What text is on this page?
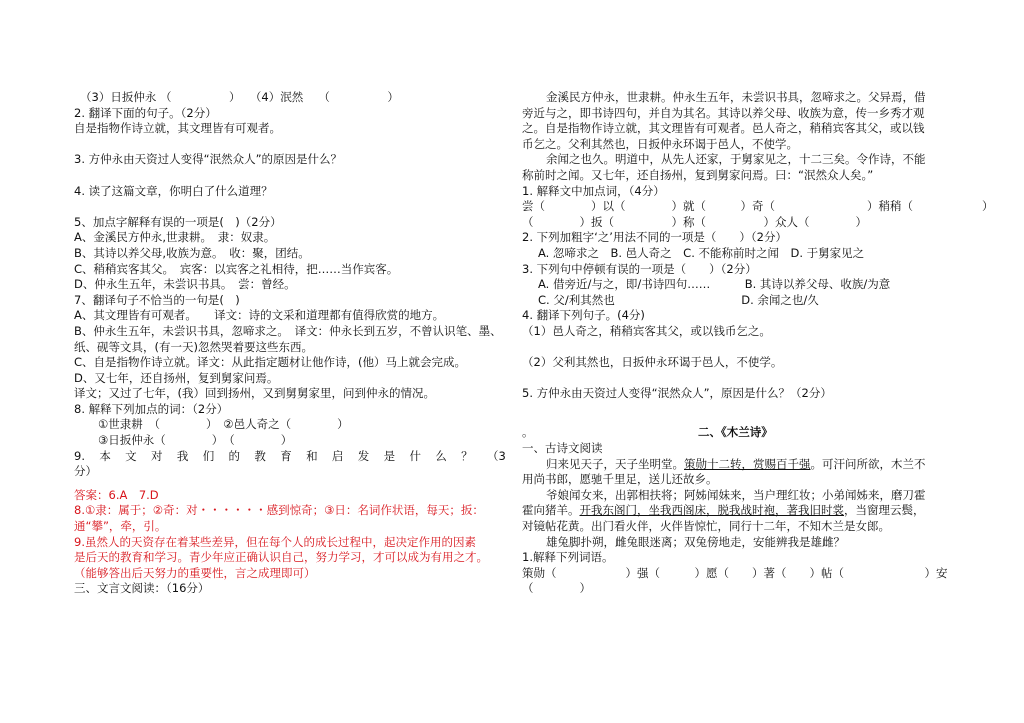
（3）日扳仲永 （　　　　　）　 （4）泯然　 （　　　　　）
2. 翻译下面的句子。（2分）
自是指物作诗立就，其文理皆有可观者。
3. 方仲永由天资过人变得“泯然众人”的原因是什么？
4. 读了这篇文章，你明白了什么道理？
5、加点字解释有误的一项是(　)（2分）
A、金溪民方仲永,世隶耕。　隶：奴隶。
B、其诗以养父母,收族为意。　收：聚，团结。
C、稍稍宾客其父。　宾客：以宾客之礼相待，把……当作宾客。
D、仲永生五年，未尝识书具。　尝：曾经。
7、翻译句子不恰当的一句是(　)
A、其文理皆有可观者。　　译文：诗的文采和道理都有值得欣赏的地方。
B、仲永生五年，未尝识书具，忽啼求之。　译文：仲永长到五岁，不曾认识笔、墨、
纸、砚等文具，(有一天)忽然哭着要这些东西。
C、自是指物作诗立就。译文：从此指定题材让他作诗，(他）马上就会完成。
D、又七年，还自扬州，复到舅家问焉。
译文；又过了七年，(我）回到扬州，又到舅舅家里，问到仲永的情况。
8. 解释下列加点的词：（2分）
①世隶耕　（　　　　）　②邑人奇之（　　　　）
③日扳仲永（　　　　）　（　　　　）
9. 本 文 对 我 们 的 教 育 和 启 发 是 什 么 ？ （3
分）
答案：6.A　7.D
8.①隶：属于；②奇：对・・・・・・感到惊奇；③日：名词作状语，每天；扳：
通“攀”，牵，引。
9.虽然人的天资存在着某些差异，但在每个人的成长过程中，起决定作用的因素
是后天的教育和学习。青少年应正确认识自己，努力学习，才可以成为有用之才。
（能够答出后天努力的重要性，言之成理即可）
三、文言文阅读：（16分）
金溪民方仲永，世隶耕。仲永生五年，未尝识书具，忽啼求之。父异焉，借
旁近与之，即书诗四句，并自为其名。其诗以养父母、收族为意，传一乡秀才观
之。自是指物作诗立就，其文理皆有可观者。邑人奇之，稍稍宾客其父，或以钱
币乞之。父利其然也，日扳仲永环谒于邑人，不使学。
余闻之也久。明道中，从先人还家，于舅家见之，十二三矣。令作诗，不能
称前时之闻。又七年，还自扬州，复到舅家问焉。曰：“泯然众人矣。”
1. 解释文中加点词，（4分）
尝（　　　　）以（　　　　）就（　　　）奇（　　　　　　　　）稍稍（　　　　　　）
（　　　　）扳（　　　　　）称（　　　　　）众人（　　　　）
2. 下列加粗字‘之’用法不同的一项是（　　）（2分）
A. 忽啼求之　B. 邑人奇之　C. 不能称前时之闻　D. 于舅家见之
3. 下列句中停顿有误的一项是（　　）（2分）
A. 借旁近/与之，即/书诗四句……　　　B. 其诗以养父母、收族/为意
C. 父/利其然也　　　　　　　　　　　D. 余闻之也/久
4. 翻译下列句子。(4分)
（1）邑人奇之，稍稍宾客其父，或以钱币乞之。
（2）父利其然也，日扳仲永环谒于邑人，不使学。
5. 方仲永由天资过人变得“泯然众人”，原因是什么？（2分）
。	二、《木兰诗》
一、古诗文阅读
归来见天子，天子坐明堂。策勋十二转，赏赐百千强。可汗问所欲，木兰不
用尚书郎，愿驰千里足，送儿还故乡。
爷娘闻女来，出郭相扶将；阿姊闻妹来，当户理红妆；小弟闻姊来，磨刀霍
霍向猪羊。开我东阁门，坐我西阁床，脱我战时袍，著我旧时裳，当窗理云鬓，
对镜帖花黄。出门看火伴，火伴皆惊忙，同行十二年，不知木兰是女郎。
雄兔脚扑朔，雌兔眼迷离；双兔傍地走，安能辨我是雄雌？
1.解释下列词语。
策勋（　　　　　　）强（　　　）愿（　　）著（　　）帖（　　　　　　　）安
（　　　　）
